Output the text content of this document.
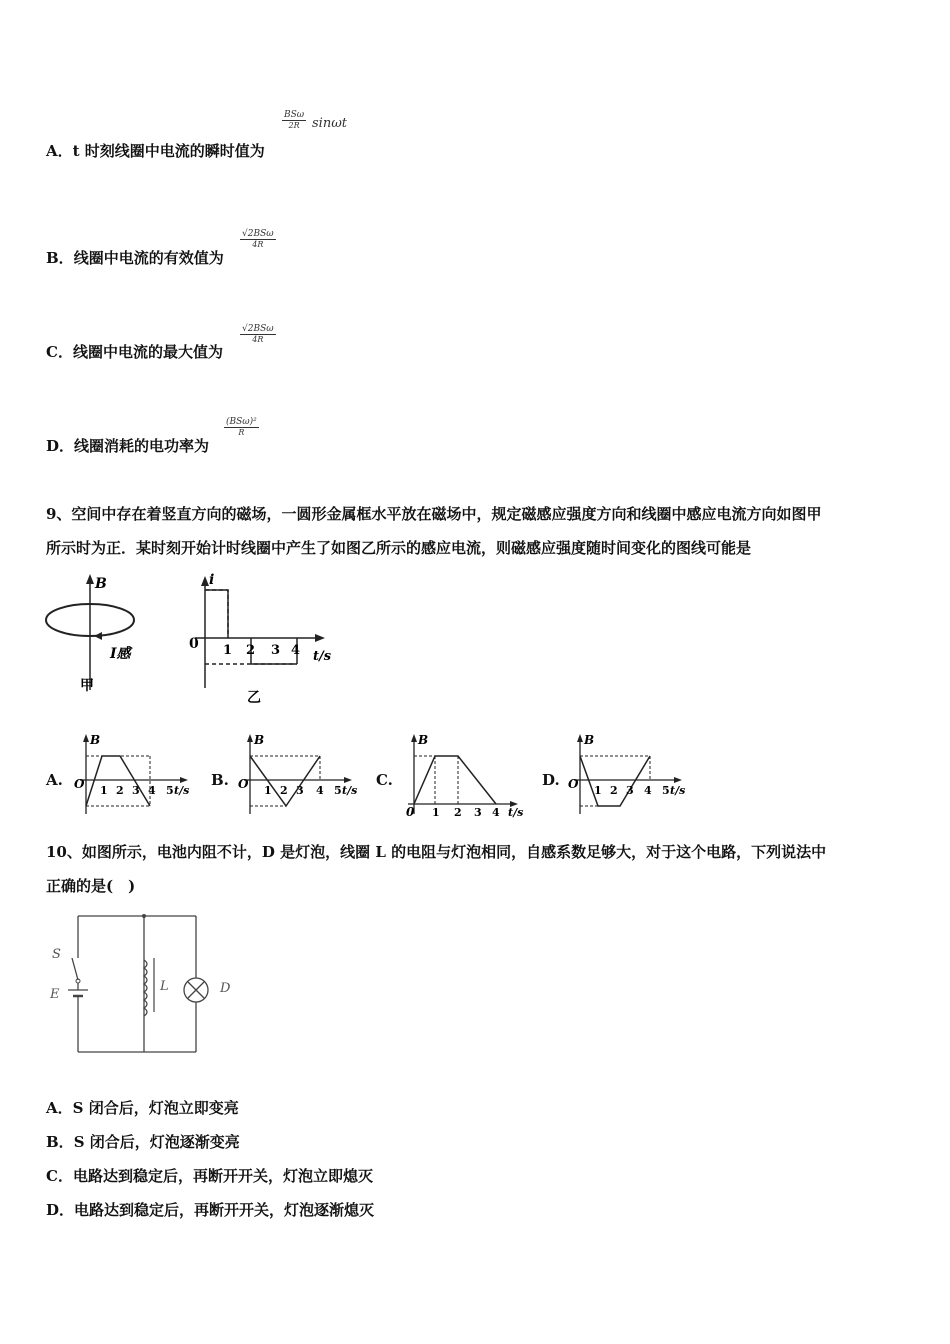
BSω
2R sinωt
A．t 时刻线圈中电流的瞬时值为
√2BSω
4R
B．线圈中电流的有效值为
√2BSω
4R
C．线圈中电流的最大值为
(BSω)²
R
D．线圈消耗的电功率为
9、空间中存在着竖直方向的磁场，一圆形金属框水平放在磁场中，规定磁感应强度方向和线圈中感应电流方向如图甲
所示时为正．某时刻开始计时线圈中产生了如图乙所示的感应电流，则磁感应强度随时间变化的图线可能是
B
I感
甲
i
0 1 2 3 4 t/s
乙
A.
B
O 1 2 3 4 5 t/s
B.
B
O 1 2 3 4 5 t/s
C.
B
0 1 2 3 4 t/s
D.
B
O 1 2 3 4 5 t/s
10、如图所示，电池内阻不计，D 是灯泡，线圈 L 的电阻与灯泡相同，自感系数足够大，对于这个电路，下列说法中
正确的是(　)
S
E
L	D
A．S 闭合后，灯泡立即变亮
B．S 闭合后，灯泡逐渐变亮
C．电路达到稳定后，再断开开关，灯泡立即熄灭
D．电路达到稳定后，再断开开关，灯泡逐渐熄灭
